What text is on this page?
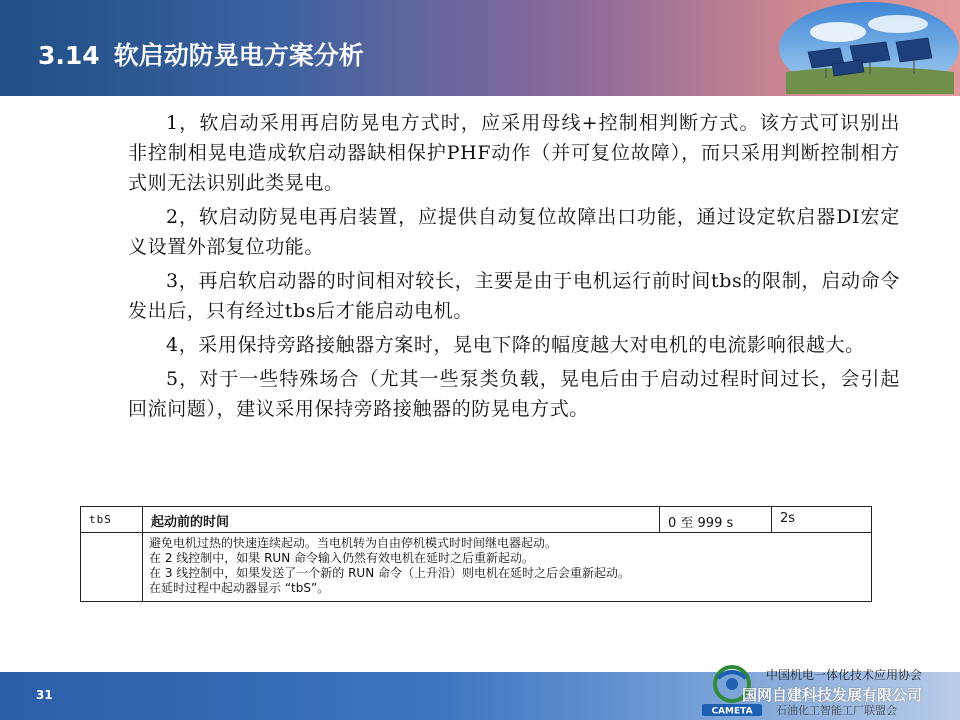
3.14 软启动防晃电方案分析

1，软启动采用再启防晃电方式时，应采用母线+控制相判断方式。该方式可识别出非控制相晃电造成软启动器缺相保护PHF动作（并可复位故障），而只采用判断控制相方式则无法识别此类晃电。

2，软启动防晃电再启装置，应提供自动复位故障出口功能，通过设定软启器DI宏定义设置外部复位功能。

3，再启软启动器的时间相对较长，主要是由于电机运行前时间tbs的限制，启动命令发出后，只有经过tbs后才能启动电机。

4，采用保持旁路接触器方案时，晃电下降的幅度越大对电机的电流影响很越大。

5，对于一些特殊场合（尤其一些泵类负载，晃电后由于启动过程时间过长，会引起回流问题），建议采用保持旁路接触器的防晃电方式。

tbS	起动前的时间	0 至 999 s	2s
避免电机过热的快速连续起动。当电机转为自由停机模式时时间继电器起动。
在 2 线控制中，如果 RUN 命令输入仍然有效电机在延时之后重新起动。
在 3 线控制中，如果发送了一个新的 RUN 命令（上升沿）则电机在延时之后会重新起动。
在延时过程中起动器显示 “tbS”。
31
CAMETA
中国机电一体化技术应用协会
国网自建科技发展有限公司
石油化工智能工厂联盟会
